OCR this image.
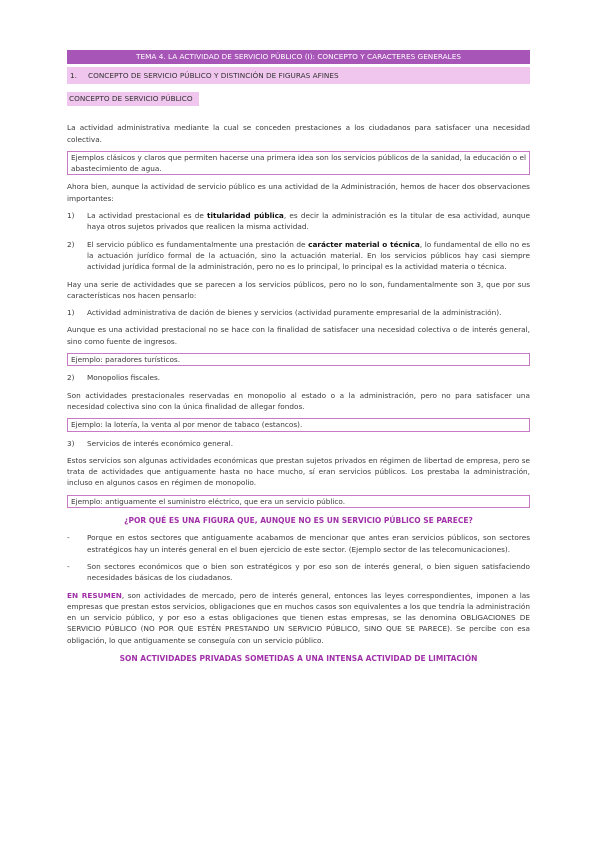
TEMA 4. LA ACTIVIDAD DE SERVICIO PÚBLICO (I): CONCEPTO Y CARACTERES GENERALES
1. CONCEPTO DE SERVICIO PÚBLICO Y DISTINCIÓN DE FIGURAS AFINES
CONCEPTO DE SERVICIO PÚBLICO

La actividad administrativa mediante la cual se conceden prestaciones a los ciudadanos para satisfacer una necesidad colectiva.

Ejemplos clásicos y claros que permiten hacerse una primera idea son los servicios públicos de la sanidad, la educación o el abastecimiento de agua.

Ahora bien, aunque la actividad de servicio público es una actividad de la Administración, hemos de hacer dos observaciones importantes:

1)	La actividad prestacional es de titularidad pública, es decir la administración es la titular de esa actividad, aunque haya otros sujetos privados que realicen la misma actividad.
2)	El servicio público es fundamentalmente una prestación de carácter material o técnica, lo fundamental de ello no es la actuación jurídico formal de la actuación, sino la actuación material. En los servicios públicos hay casi siempre actividad jurídica formal de la administración, pero no es lo principal, lo principal es la actividad materia o técnica.

Hay una serie de actividades que se parecen a los servicios públicos, pero no lo son, fundamentalmente son 3, que por sus características nos hacen pensarlo:

1)	Actividad administrativa de dación de bienes y servicios (actividad puramente empresarial de la administración).

Aunque es una actividad prestacional no se hace con la finalidad de satisfacer una necesidad colectiva o de interés general, sino como fuente de ingresos.

Ejemplo: paradores turísticos.
2)	Monopolios fiscales.

Son actividades prestacionales reservadas en monopolio al estado o a la administración, pero no para satisfacer una necesidad colectiva sino con la única finalidad de allegar fondos.

Ejemplo: la lotería, la venta al por menor de tabaco (estancos).
3)	Servicios de interés económico general.

Estos servicios son algunas actividades económicas que prestan sujetos privados en régimen de libertad de empresa, pero se trata de actividades que antiguamente hasta no hace mucho, sí eran servicios públicos. Los prestaba la administración, incluso en algunos casos en régimen de monopolio.

Ejemplo: antiguamente el suministro eléctrico, que era un servicio público.
¿POR QUÉ ES UNA FIGURA QUE, AUNQUE NO ES UN SERVICIO PÚBLICO SE PARECE?
-	Porque en estos sectores que antiguamente acabamos de mencionar que antes eran servicios públicos, son sectores estratégicos hay un interés general en el buen ejercicio de este sector. (Ejemplo sector de las telecomunicaciones).
-	Son sectores económicos que o bien son estratégicos y por eso son de interés general, o bien siguen satisfaciendo necesidades básicas de los ciudadanos.

EN RESUMEN, son actividades de mercado, pero de interés general, entonces las leyes correspondientes, imponen a las empresas que prestan estos servicios, obligaciones que en muchos casos son equivalentes a los que tendría la administración en un servicio público, y por eso a estas obligaciones que tienen estas empresas, se las denomina OBLIGACIONES DE SERVICIO PÚBLICO (NO POR QUE ESTÉN PRESTANDO UN SERVICIO PÚBLICO, SINO QUE SE PARECE). Se percibe con esa obligación, lo que antiguamente se conseguía con un servicio público.

SON ACTIVIDADES PRIVADAS SOMETIDAS A UNA INTENSA ACTIVIDAD DE LIMITACIÓN
